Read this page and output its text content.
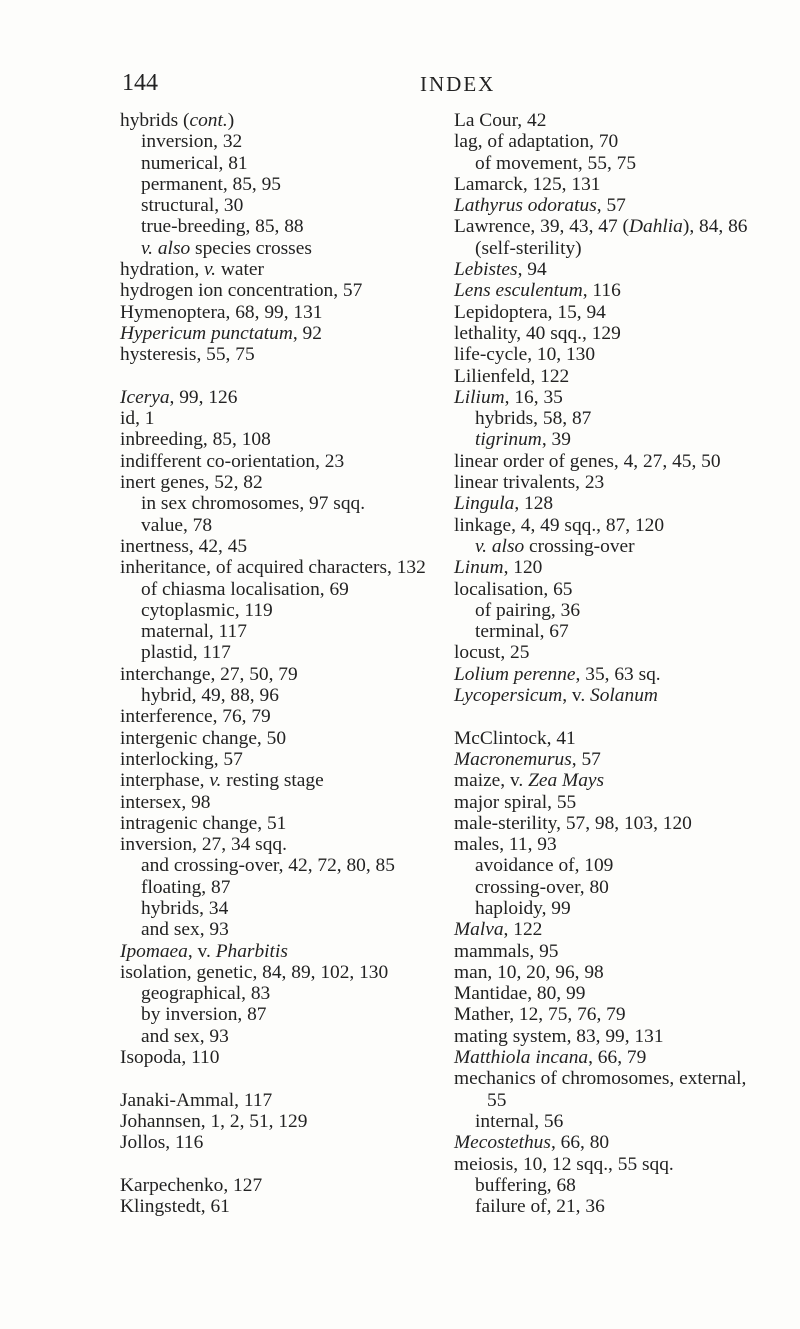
144	INDEX
hybrids (cont.)
inversion, 32
numerical, 81
permanent, 85, 95
structural, 30
true-breeding, 85, 88
v. also species crosses
hydration, v. water
hydrogen ion concentration, 57
Hymenoptera, 68, 99, 131
Hypericum punctatum, 92
hysteresis, 55, 75
Icerya, 99, 126
id, 1
inbreeding, 85, 108
indifferent co-orientation, 23
inert genes, 52, 82
in sex chromosomes, 97 sqq.
value, 78
inertness, 42, 45
inheritance, of acquired characters, 132
of chiasma localisation, 69
cytoplasmic, 119
maternal, 117
plastid, 117
interchange, 27, 50, 79
hybrid, 49, 88, 96
interference, 76, 79
intergenic change, 50
interlocking, 57
interphase, v. resting stage
intersex, 98
intragenic change, 51
inversion, 27, 34 sqq.
and crossing-over, 42, 72, 80, 85
floating, 87
hybrids, 34
and sex, 93
Ipomaea, v. Pharbitis
isolation, genetic, 84, 89, 102, 130
geographical, 83
by inversion, 87
and sex, 93
Isopoda, 110
Janaki-Ammal, 117
Johannsen, 1, 2, 51, 129
Jollos, 116
Karpechenko, 127
Klingstedt, 61
La Cour, 42
lag, of adaptation, 70
of movement, 55, 75
Lamarck, 125, 131
Lathyrus odoratus, 57
Lawrence, 39, 43, 47 (Dahlia), 84, 86
(self-sterility)
Lebistes, 94
Lens esculentum, 116
Lepidoptera, 15, 94
lethality, 40 sqq., 129
life-cycle, 10, 130
Lilienfeld, 122
Lilium, 16, 35
hybrids, 58, 87
tigrinum, 39
linear order of genes, 4, 27, 45, 50
linear trivalents, 23
Lingula, 128
linkage, 4, 49 sqq., 87, 120
v. also crossing-over
Linum, 120
localisation, 65
of pairing, 36
terminal, 67
locust, 25
Lolium perenne, 35, 63 sq.
Lycopersicum, v. Solanum
McClintock, 41
Macronemurus, 57
maize, v. Zea Mays
major spiral, 55
male-sterility, 57, 98, 103, 120
males, 11, 93
avoidance of, 109
crossing-over, 80
haploidy, 99
Malva, 122
mammals, 95
man, 10, 20, 96, 98
Mantidae, 80, 99
Mather, 12, 75, 76, 79
mating system, 83, 99, 131
Matthiola incana, 66, 79
mechanics of chromosomes, external,
55
internal, 56
Mecostethus, 66, 80
meiosis, 10, 12 sqq., 55 sqq.
buffering, 68
failure of, 21, 36
